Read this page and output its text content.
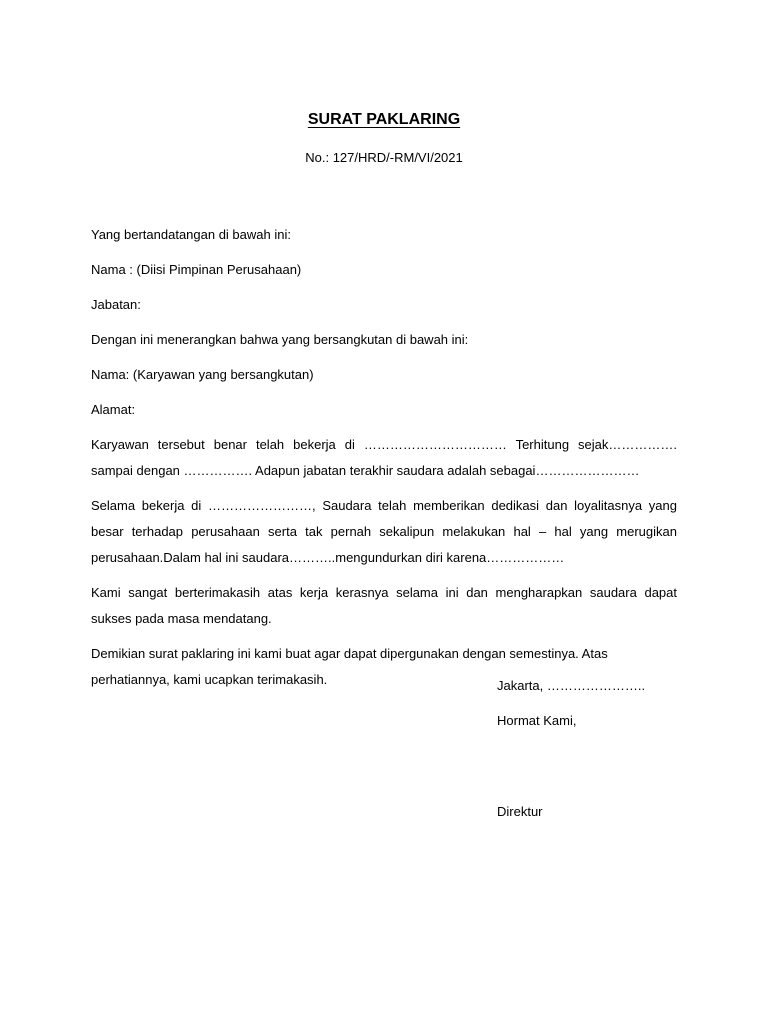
SURAT PAKLARING
No.: 127/HRD/-RM/VI/2021

Yang bertandatangan di bawah ini:

Nama : (Diisi Pimpinan Perusahaan)

Jabatan:

Dengan ini menerangkan bahwa yang bersangkutan di bawah ini:

Nama: (Karyawan yang bersangkutan)

Alamat:

Karyawan tersebut benar telah bekerja di …………………………… Terhitung sejak……………. sampai dengan ……………. Adapun jabatan terakhir saudara adalah sebagai……………………

Selama bekerja di ……………………, Saudara telah memberikan dedikasi dan loyalitasnya yang besar terhadap perusahaan serta tak pernah sekalipun melakukan hal – hal yang merugikan perusahaan.Dalam hal ini saudara………..mengundurkan diri karena………………

Kami sangat berterimakasih atas kerja kerasnya selama ini dan mengharapkan saudara dapat sukses pada masa mendatang.

Demikian surat paklaring ini kami buat agar dapat dipergunakan dengan semestinya. Atas perhatiannya, kami ucapkan terimakasih.	Jakarta, …………………..
Hormat Kami,
Direktur
